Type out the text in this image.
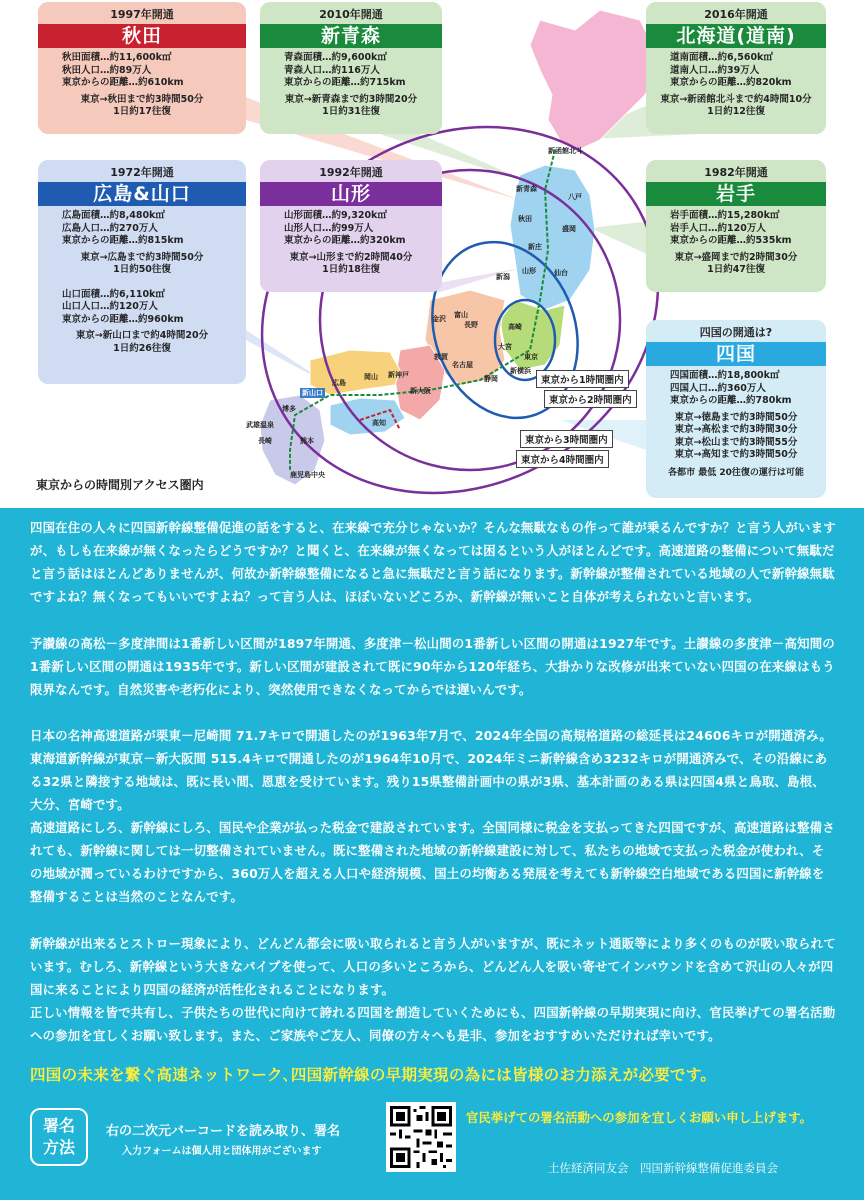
新函館北斗
新青森
八戸
秋田
盛岡
新庄
山形	仙台
新潟
金沢 富山
長野	高崎
大宮
東京
新横浜
敦賀
名古屋
静岡
新大阪
新神戸
岡山
広島
新山口
博多
武雄温泉
長崎	熊本
鹿児島中央
高知
東京から1時間圏内
東京から2時間圏内
東京から3時間圏内
東京から4時間圏内
東京からの時間別アクセス圏内
1997年開通
秋田
秋田面積…約11,600k㎡
秋田人口…約89万人
東京からの距離…約610km
東京→秋田まで約3時間50分
1日約17往復
2010年開通
新青森
青森面積…約9,600k㎡
青森人口…約116万人
東京からの距離…約715km
東京→新青森まで約3時間20分
1日約31往復
2016年開通
北海道(道南)
道南面積…約6,560k㎡
道南人口…約39万人
東京からの距離…約820km
東京→新函館北斗まで約4時間10分
1日約12往復
1972年開通
広島&山口
広島面積…約8,480k㎡
広島人口…約270万人
東京からの距離…約815km
東京→広島まで約3時間50分
1日約50往復
山口面積…約6,110k㎡
山口人口…約120万人
東京からの距離…約960km
東京→新山口まで約4時間20分
1日約26往復
1992年開通
山形
山形面積…約9,320k㎡
山形人口…約99万人
東京からの距離…約320km
東京→山形まで約2時間40分
1日約18往復
1982年開通
岩手
岩手面積…約15,280k㎡
岩手人口…約120万人
東京からの距離…約535km
東京→盛岡まで約2時間30分
1日約47往復
四国の開通は?
四国
四国面積…約18,800k㎡
四国人口…約360万人
東京からの距離…約780km
東京→徳島まで約3時間50分
東京→高松まで約3時間30分
東京→松山まで約3時間55分
東京→高知まで約3時間50分
各都市 最低 20往復の運行は可能
四国在住の人々に四国新幹線整備促進の話をすると、在来線で充分じゃないか？そんな無駄なもの作って誰が乗るんですか？と言う人がいますが、もしも在来線が無くなったらどうですか？と聞くと、在来線が無くなっては困るという人がほとんどです。高速道路の整備について無駄だと言う話はほとんどありませんが、何故か新幹線整備になると急に無駄だと言う話になります。新幹線が整備されている地域の人で新幹線無駄ですよね？無くなってもいいですよね？って言う人は、ほぼいないどころか、新幹線が無いこと自体が考えられないと言います。
予讃線の高松－多度津間は1番新しい区間が1897年開通、多度津－松山間の1番新しい区間の開通は1927年です。土讃線の多度津－高知間の1番新しい区間の開通は1935年です。新しい区間が建設されて既に90年から120年経ち、大掛かりな改修が出来ていない四国の在来線はもう限界なんです。自然災害や老朽化により、突然使用できなくなってからでは遅いんです。
日本の名神高速道路が栗東－尼崎間 71.7キロで開通したのが1963年7月で、2024年全国の高規格道路の総延長は24606キロが開通済み。
東海道新幹線が東京－新大阪間 515.4キロで開通したのが1964年10月で、2024年ミニ新幹線含め3232キロが開通済みで、その沿線にある32県と隣接する地域は、既に長い間、恩恵を受けています。残り15県整備計画中の県が3県、基本計画のある県は四国4県と鳥取、島根、大分、宮崎です。
高速道路にしろ、新幹線にしろ、国民や企業が払った税金で建設されています。全国同様に税金を支払ってきた四国ですが、高速道路は整備されても、新幹線に関しては一切整備されていません。既に整備された地域の新幹線建設に対して、私たちの地域で支払った税金が使われ、その地域が潤っているわけですから、360万人を超える人口や経済規模、国土の均衡ある発展を考えても新幹線空白地域である四国に新幹線を整備することは当然のことなんです。
新幹線が出来るとストロー現象により、どんどん都会に吸い取られると言う人がいますが、既にネット通販等により多くのものが吸い取られています。むしろ、新幹線という大きなパイプを使って、人口の多いところから、どんどん人を吸い寄せてインバウンドを含めて沢山の人々が四国に来ることにより四国の経済が活性化されることになります。
正しい情報を皆で共有し、子供たちの世代に向けて誇れる四国を創造していくためにも、四国新幹線の早期実現に向け、官民挙げての署名活動への参加を宜しくお願い致します。また、ご家族やご友人、同僚の方々へも是非、参加をおすすめいただければ幸いです。
四国の未来を繋ぐ高速ネットワーク､四国新幹線の早期実現の為には皆様のお力添えが必要です。
署名
方法
右の二次元バーコードを読み取り、署名
入力フォームは個人用と団体用がございます
官民挙げての署名活動への参加を宜しくお願い申し上げます。
土佐経済同友会　四国新幹線整備促進委員会
